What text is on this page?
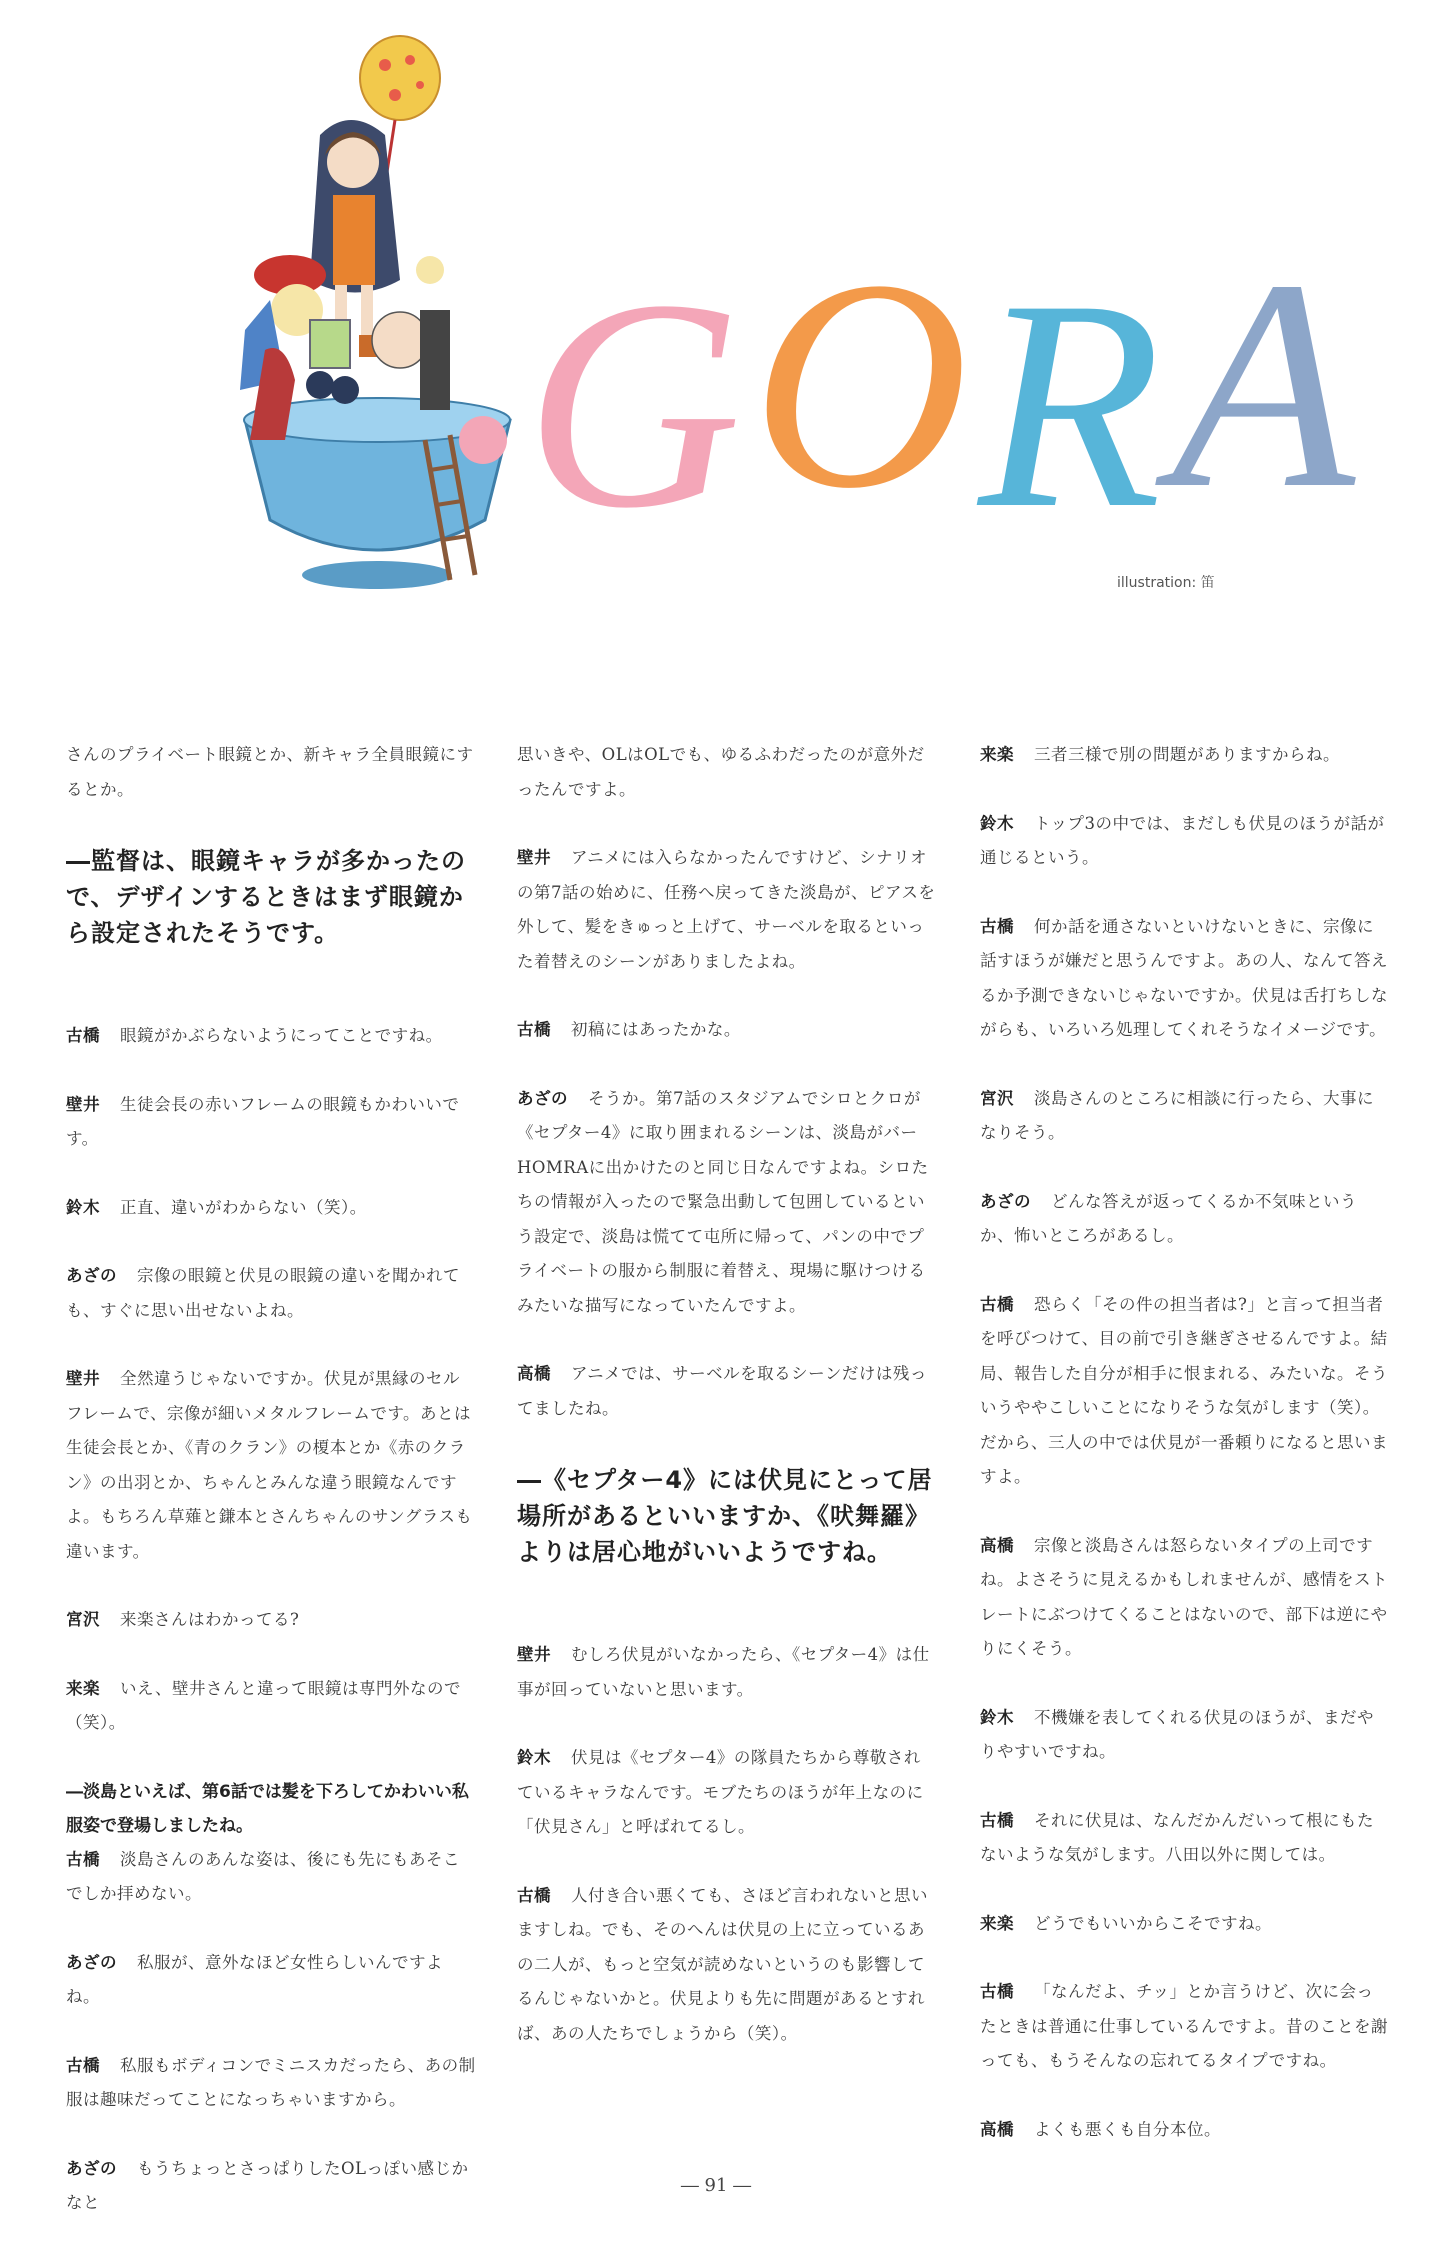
GORA
illustration: 笛

さんのプライベート眼鏡とか、新キャラ全員眼鏡にするとか。

―監督は、眼鏡キャラが多かったので、デザインするときはまず眼鏡から設定されたそうです。

古橋 眼鏡がかぶらないようにってことですね。

壁井 生徒会長の赤いフレームの眼鏡もかわいいです。

鈴木 正直、違いがわからない（笑）。

あざの 宗像の眼鏡と伏見の眼鏡の違いを聞かれても、すぐに思い出せないよね。

壁井 全然違うじゃないですか。伏見が黒縁のセルフレームで、宗像が細いメタルフレームです。あとは生徒会長とか、《青のクラン》の榎本とか《赤のクラン》の出羽とか、ちゃんとみんな違う眼鏡なんですよ。もちろん草薙と鎌本とさんちゃんのサングラスも違います。

宮沢 来楽さんはわかってる?

来楽 いえ、壁井さんと違って眼鏡は専門外なので（笑）。

―淡島といえば、第6話では髪を下ろしてかわいい私服姿で登場しましたね。

古橋 淡島さんのあんな姿は、後にも先にもあそこでしか拝めない。

あざの 私服が、意外なほど女性らしいんですよね。

古橋 私服もボディコンでミニスカだったら、あの制服は趣味だってことになっちゃいますから。

あざの もうちょっとさっぱりしたOLっぽい感じかなと

思いきや、OLはOLでも、ゆるふわだったのが意外だったんですよ。

壁井 アニメには入らなかったんですけど、シナリオの第7話の始めに、任務へ戻ってきた淡島が、ピアスを外して、髪をきゅっと上げて、サーベルを取るといった着替えのシーンがありましたよね。

古橋 初稿にはあったかな。

あざの そうか。第7話のスタジアムでシロとクロが《セプター4》に取り囲まれるシーンは、淡島がバーHOMRAに出かけたのと同じ日なんですよね。シロたちの情報が入ったので緊急出動して包囲しているという設定で、淡島は慌てて屯所に帰って、パンの中でプライベートの服から制服に着替え、現場に駆けつけるみたいな描写になっていたんですよ。

高橋 アニメでは、サーベルを取るシーンだけは残ってましたね。

―《セプター4》には伏見にとって居場所があるといいますか、《吠舞羅》よりは居心地がいいようですね。

壁井 むしろ伏見がいなかったら、《セプター4》は仕事が回っていないと思います。

鈴木 伏見は《セプター4》の隊員たちから尊敬されているキャラなんです。モブたちのほうが年上なのに「伏見さん」と呼ばれてるし。

古橋 人付き合い悪くても、さほど言われないと思いますしね。でも、そのへんは伏見の上に立っているあの二人が、もっと空気が読めないというのも影響してるんじゃないかと。伏見よりも先に問題があるとすれば、あの人たちでしょうから（笑）。

来楽 三者三様で別の問題がありますからね。

鈴木 トップ3の中では、まだしも伏見のほうが話が通じるという。

古橋 何か話を通さないといけないときに、宗像に話すほうが嫌だと思うんですよ。あの人、なんて答えるか予測できないじゃないですか。伏見は舌打ちしながらも、いろいろ処理してくれそうなイメージです。

宮沢 淡島さんのところに相談に行ったら、大事になりそう。

あざの どんな答えが返ってくるか不気味というか、怖いところがあるし。

古橋 恐らく「その件の担当者は?」と言って担当者を呼びつけて、目の前で引き継ぎさせるんですよ。結局、報告した自分が相手に恨まれる、みたいな。そういうややこしいことになりそうな気がします（笑）。だから、三人の中では伏見が一番頼りになると思いますよ。

高橋 宗像と淡島さんは怒らないタイプの上司ですね。よさそうに見えるかもしれませんが、感情をストレートにぶつけてくることはないので、部下は逆にやりにくそう。

鈴木 不機嫌を表してくれる伏見のほうが、まだやりやすいですね。

古橋 それに伏見は、なんだかんだいって根にもたないような気がします。八田以外に関しては。

来楽 どうでもいいからこそですね。

古橋 「なんだよ、チッ」とか言うけど、次に会ったときは普通に仕事しているんですよ。昔のことを謝っても、もうそんなの忘れてるタイプですね。

高橋 よくも悪くも自分本位。

― 91 ―
